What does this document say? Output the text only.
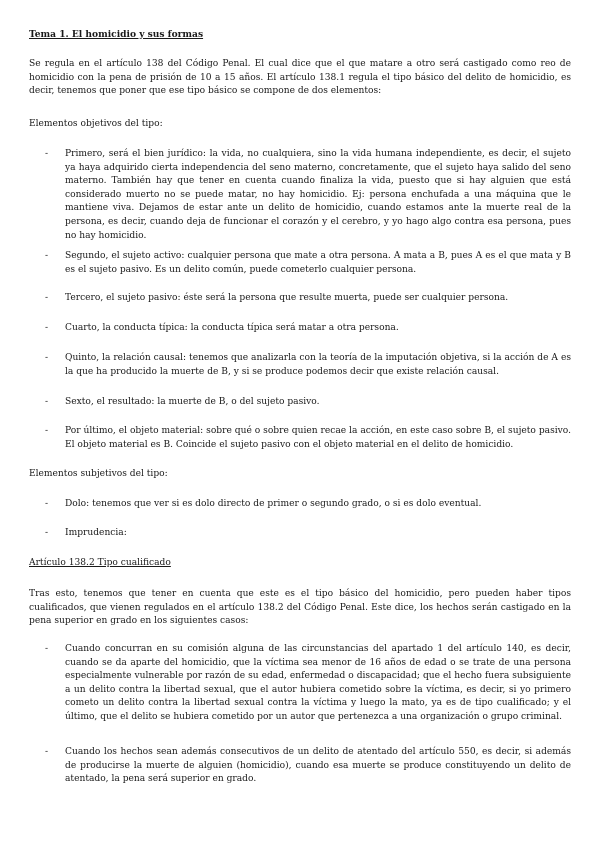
Tema 1. El homicidio y sus formas

Se regula en el artículo 138 del Código Penal. El cual dice que el que matare a otro será castigado como reo de homicidio con la pena de prisión de 10 a 15 años. El artículo 138.1 regula el tipo básico del delito de homicidio, es decir, tenemos que poner que ese tipo básico se compone de dos elementos:

Elementos objetivos del tipo:

- Primero, será el bien jurídico: la vida, no cualquiera, sino la vida humana independiente, es decir, el sujeto ya haya adquirido cierta independencia del seno materno, concretamente, que el sujeto haya salido del seno materno. También hay que tener en cuenta cuando finaliza la vida, puesto que si hay alguien que está considerado muerto no se puede matar, no hay homicidio. Ej: persona enchufada a una máquina que le mantiene viva. Dejamos de estar ante un delito de homicidio, cuando estamos ante la muerte real de la persona, es decir, cuando deja de funcionar el corazón y el cerebro, y yo hago algo contra esa persona, pues no hay homicidio.

- Segundo, el sujeto activo: cualquier persona que mate a otra persona. A mata a B, pues A es el que mata y B es el sujeto pasivo. Es un delito común, puede cometerlo cualquier persona.

- Tercero, el sujeto pasivo: éste será la persona que resulte muerta, puede ser cualquier persona.

- Cuarto, la conducta típica: la conducta típica será matar a otra persona.

- Quinto, la relación causal: tenemos que analizarla con la teoría de la imputación objetiva, si la acción de A es la que ha producido la muerte de B, y si se produce podemos decir que existe relación causal.

- Sexto, el resultado: la muerte de B, o del sujeto pasivo.

- Por último, el objeto material: sobre qué o sobre quien recae la acción, en este caso sobre B, el sujeto pasivo. El objeto material es B. Coincide el sujeto pasivo con el objeto material en el delito de homicidio.

Elementos subjetivos del tipo:

- Dolo: tenemos que ver si es dolo directo de primer o segundo grado, o si es dolo eventual.

- Imprudencia:

Artículo 138.2 Tipo cualificado

Tras esto, tenemos que tener en cuenta que este es el tipo básico del homicidio, pero pueden haber tipos cualificados, que vienen regulados en el artículo 138.2 del Código Penal. Este dice, los hechos serán castigado en la pena superior en grado en los siguientes casos:

- Cuando concurran en su comisión alguna de las circunstancias del apartado 1 del artículo 140, es decir, cuando se da aparte del homicidio, que la víctima sea menor de 16 años de edad o se trate de una persona especialmente vulnerable por razón de su edad, enfermedad o discapacidad; que el hecho fuera subsiguiente a un delito contra la libertad sexual, que el autor hubiera cometido sobre la víctima, es decir, si yo primero cometo un delito contra la libertad sexual contra la víctima y luego la mato, ya es de tipo cualificado; y el último, que el delito se hubiera cometido por un autor que pertenezca a una organización o grupo criminal.

- Cuando los hechos sean además consecutivos de un delito de atentado del artículo 550, es decir, si además de producirse la muerte de alguien (homicidio), cuando esa muerte se produce constituyendo un delito de atentado, la pena será superior en grado.
